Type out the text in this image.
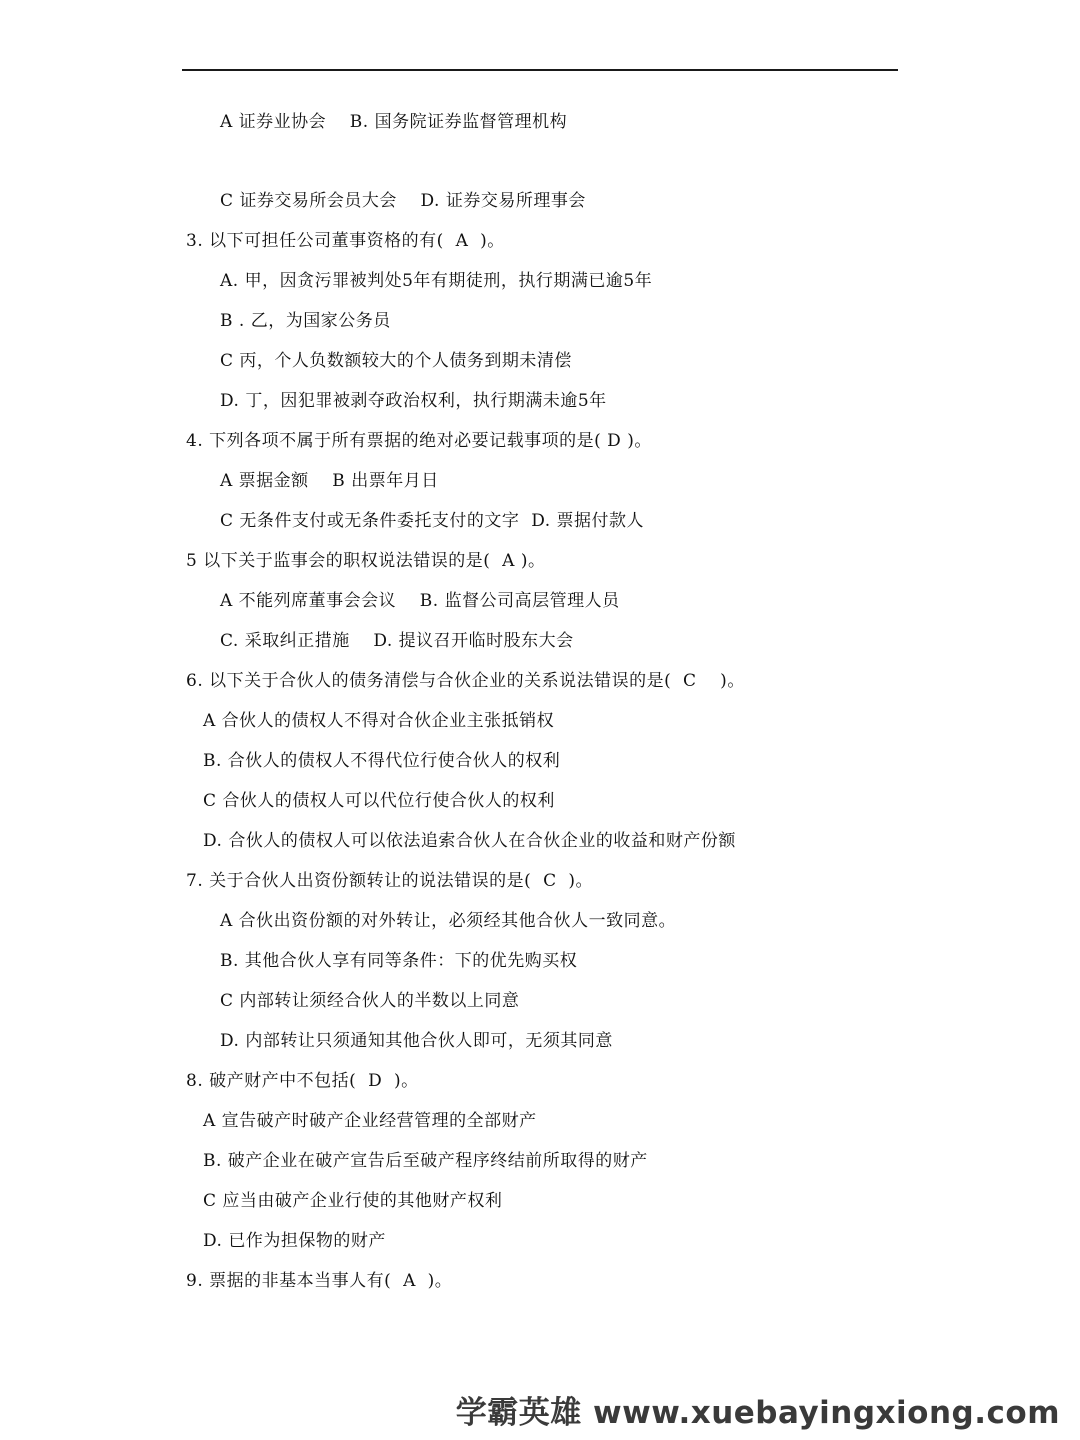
A 证券业协会    B. 国务院证券监督管理机构
C 证券交易所会员大会    D. 证券交易所理事会
3. 以下可担任公司董事资格的有(  A  )。
A. 甲，因贪污罪被判处5年有期徒刑，执行期满已逾5年
B . 乙，为国家公务员
C 丙，个人负数额较大的个人债务到期未清偿
D. 丁，因犯罪被剥夺政治权利，执行期满未逾5年
4. 下列各项不属于所有票据的绝对必要记载事项的是( D )。
A 票据金额    B 出票年月日
C 无条件支付或无条件委托支付的文字  D. 票据付款人
5 以下关于监事会的职权说法错误的是(  A )。
A 不能列席董事会会议    B. 监督公司高层管理人员
C. 采取纠正措施    D. 提议召开临时股东大会
6. 以下关于合伙人的债务清偿与合伙企业的关系说法错误的是(  C    )。
A 合伙人的债权人不得对合伙企业主张抵销权
B. 合伙人的债权人不得代位行使合伙人的权利
C 合伙人的债权人可以代位行使合伙人的权利
D. 合伙人的债权人可以依法追索合伙人在合伙企业的收益和财产份额
7. 关于合伙人出资份额转让的说法错误的是(  C  )。
A 合伙出资份额的对外转让，必须经其他合伙人一致同意。
B. 其他合伙人享有同等条件：下的优先购买权
C 内部转让须经合伙人的半数以上同意
D. 内部转让只须通知其他合伙人即可，无须其同意
8. 破产财产中不包括(  D  )。
A 宣告破产时破产企业经营管理的全部财产
B. 破产企业在破产宣告后至破产程序终结前所取得的财产
C 应当由破产企业行使的其他财产权利
D. 已作为担保物的财产
9. 票据的非基本当事人有(  A  )。
学霸英雄 www.xuebayingxiong.com
